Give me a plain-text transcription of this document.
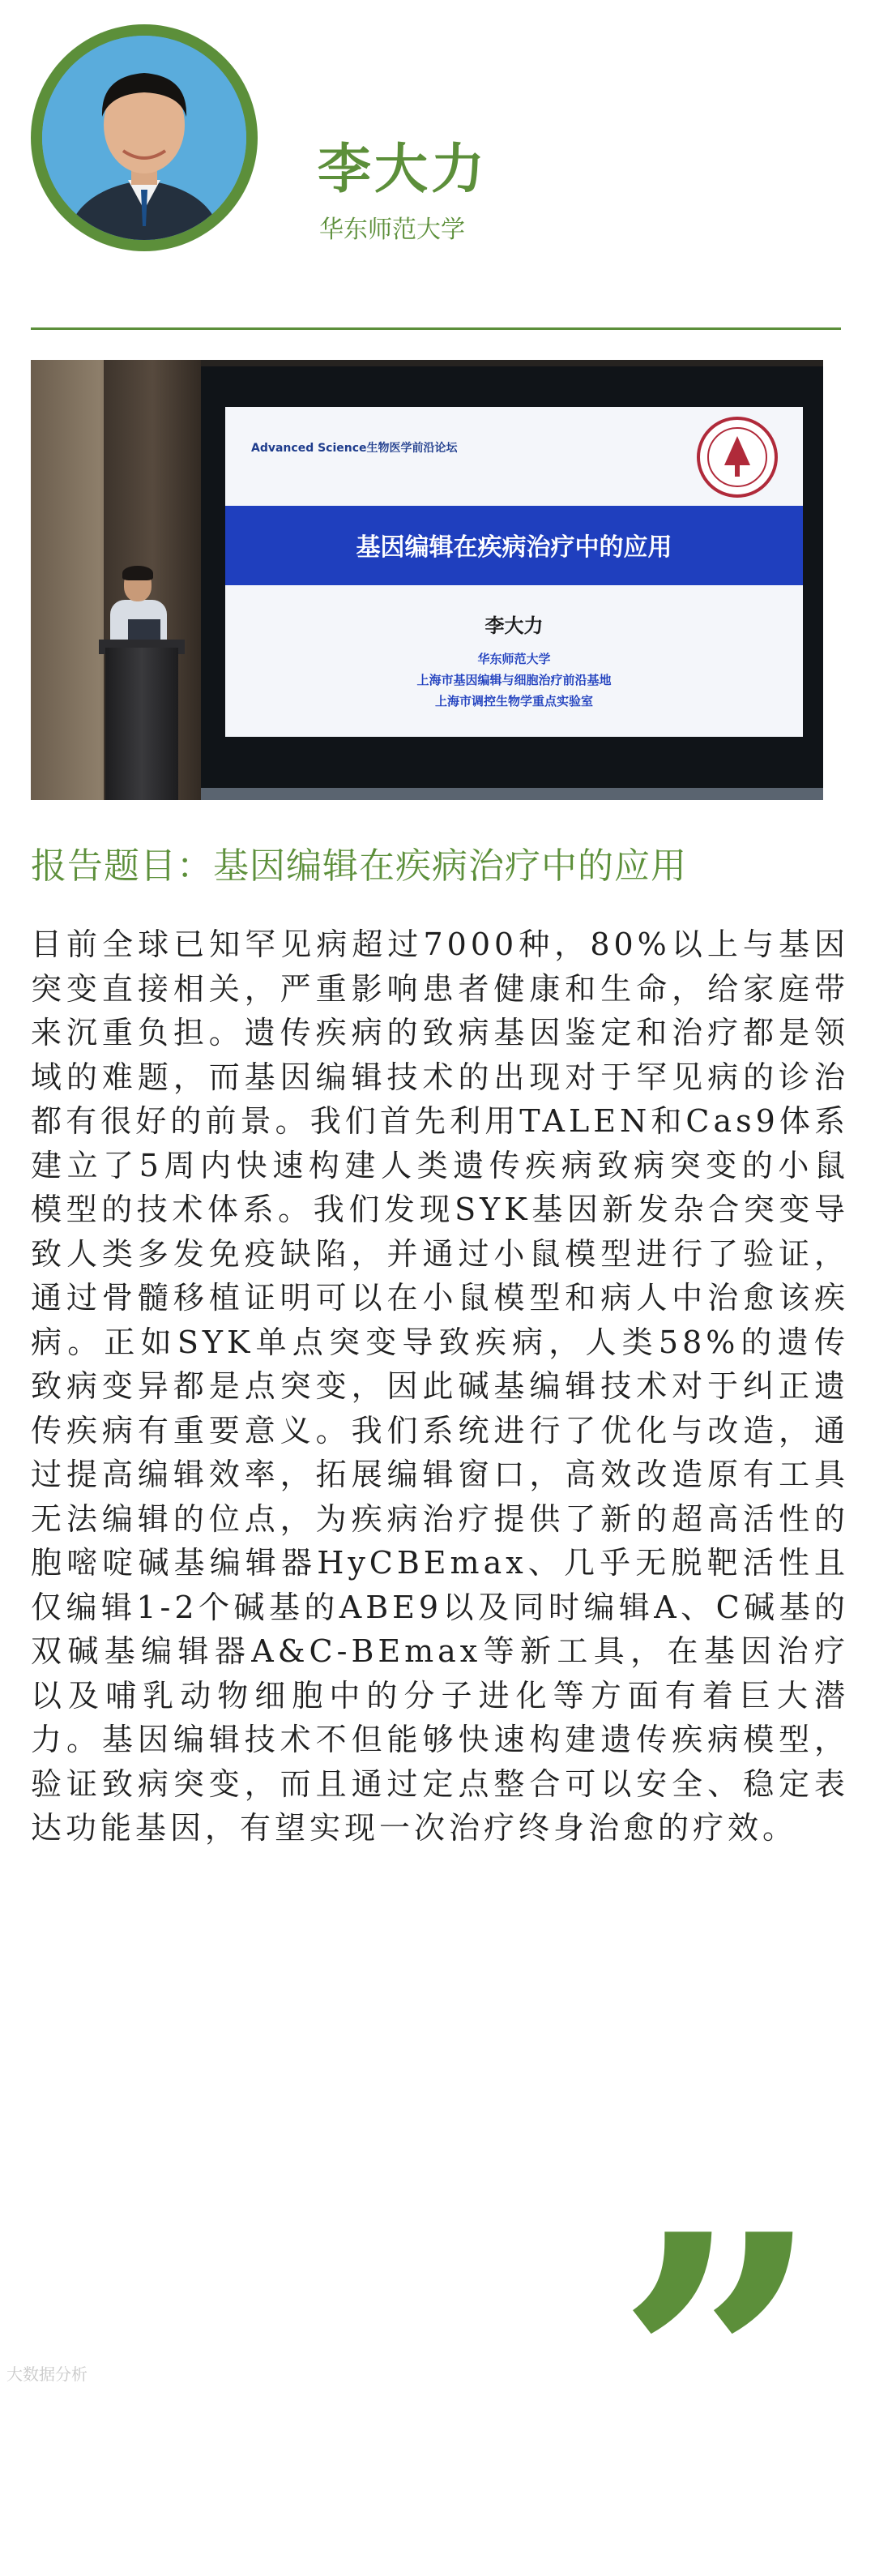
李大力
华东师范大学
Advanced Science生物医学前沿论坛
基因编辑在疾病治疗中的应用
李大力
华东师范大学
上海市基因编辑与细胞治疗前沿基地
上海市调控生物学重点实验室
报告题目：基因编辑在疾病治疗中的应用

目前全球已知罕见病超过7000种，80%以上与基因突变直接相关，严重影响患者健康和生命，给家庭带来沉重负担。遗传疾病的致病基因鉴定和治疗都是领域的难题，而基因编辑技术的出现对于罕见病的诊治都有很好的前景。我们首先利用TALEN和Cas9体系建立了5周内快速构建人类遗传疾病致病突变的小鼠模型的技术体系。我们发现SYK基因新发杂合突变导致人类多发免疫缺陷，并通过小鼠模型进行了验证，通过骨髓移植证明可以在小鼠模型和病人中治愈该疾病。正如SYK单点突变导致疾病，人类58%的遗传致病变异都是点突变，因此碱基编辑技术对于纠正遗传疾病有重要意义。我们系统进行了优化与改造，通过提高编辑效率，拓展编辑窗口，高效改造原有工具无法编辑的位点，为疾病治疗提供了新的超高活性的胞嘧啶碱基编辑器HyCBEmax、几乎无脱靶活性且仅编辑1-2个碱基的ABE9以及同时编辑A、C碱基的双碱基编辑器A&C-BEmax等新工具，在基因治疗以及哺乳动物细胞中的分子进化等方面有着巨大潜力。基因编辑技术不但能够快速构建遗传疾病模型，验证致病突变，而且通过定点整合可以安全、稳定表达功能基因，有望实现一次治疗终身治愈的疗效。

”
大数据分析
